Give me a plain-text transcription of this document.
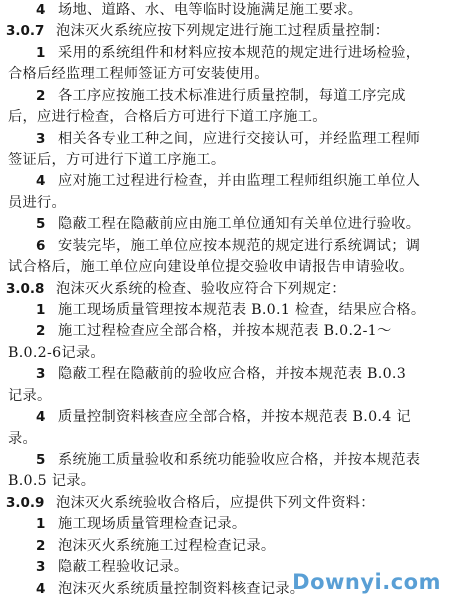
4 场地、道路、水、电等临时设施满足施工要求。
3.0.7 泡沫灭火系统应按下列规定进行施工过程质量控制：
1 采用的系统组件和材料应按本规范的规定进行进场检验，
合格后经监理工程师签证方可安装使用。
2 各工序应按施工技术标准进行质量控制，每道工序完成
后，应进行检查，合格后方可进行下道工序施工。
3 相关各专业工种之间，应进行交接认可，并经监理工程师
签证后，方可进行下道工序施工。
4 应对施工过程进行检查，并由监理工程师组织施工单位人
员进行。
5 隐蔽工程在隐蔽前应由施工单位通知有关单位进行验收。
6 安装完毕，施工单位应按本规范的规定进行系统调试；调
试合格后，施工单位应向建设单位提交验收申请报告申请验收。
3.0.8 泡沫灭火系统的检查、验收应符合下列规定：
1 施工现场质量管理按本规范表 B.0.1 检查，结果应合格。
2 施工过程检查应全部合格，并按本规范表 B.0.2-1～
B.0.2-6记录。
3 隐蔽工程在隐蔽前的验收应合格，并按本规范表 B.0.3
记录。
4 质量控制资料核查应全部合格，并按本规范表 B.0.4 记
录。
5 系统施工质量验收和系统功能验收应合格，并按本规范表
B.0.5 记录。
3.0.9 泡沫灭火系统验收合格后，应提供下列文件资料：
1 施工现场质量管理检查记录。
2 泡沫灭火系统施工过程检查记录。
3 隐蔽工程验收记录。
4 泡沫灭火系统质量控制资料核查记录。
Downyi.com
